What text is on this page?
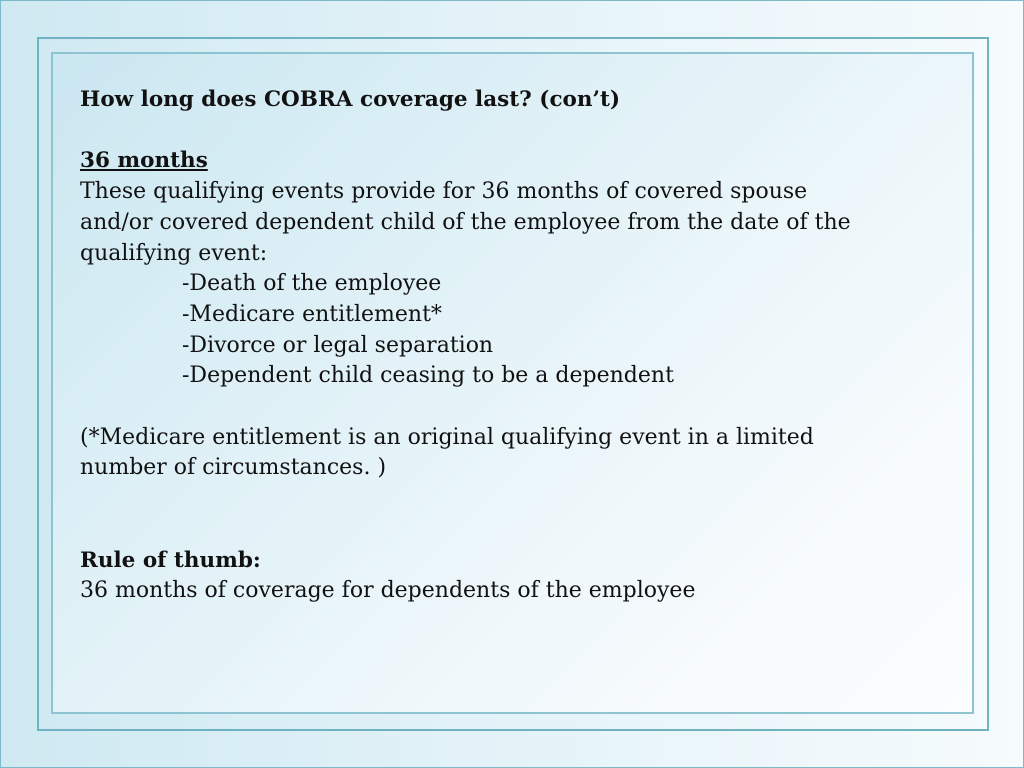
How long does COBRA coverage last? (con’t)

36 months

These qualifying events provide for 36 months of covered spouse

and/or covered dependent child of the employee from the date of the

qualifying event:

-Death of the employee

-Medicare entitlement*

-Divorce or legal separation

-Dependent child ceasing to be a dependent

(*Medicare entitlement is an original qualifying event in a limited

number of circumstances. )

Rule of thumb:

36 months of coverage for dependents of the employee
